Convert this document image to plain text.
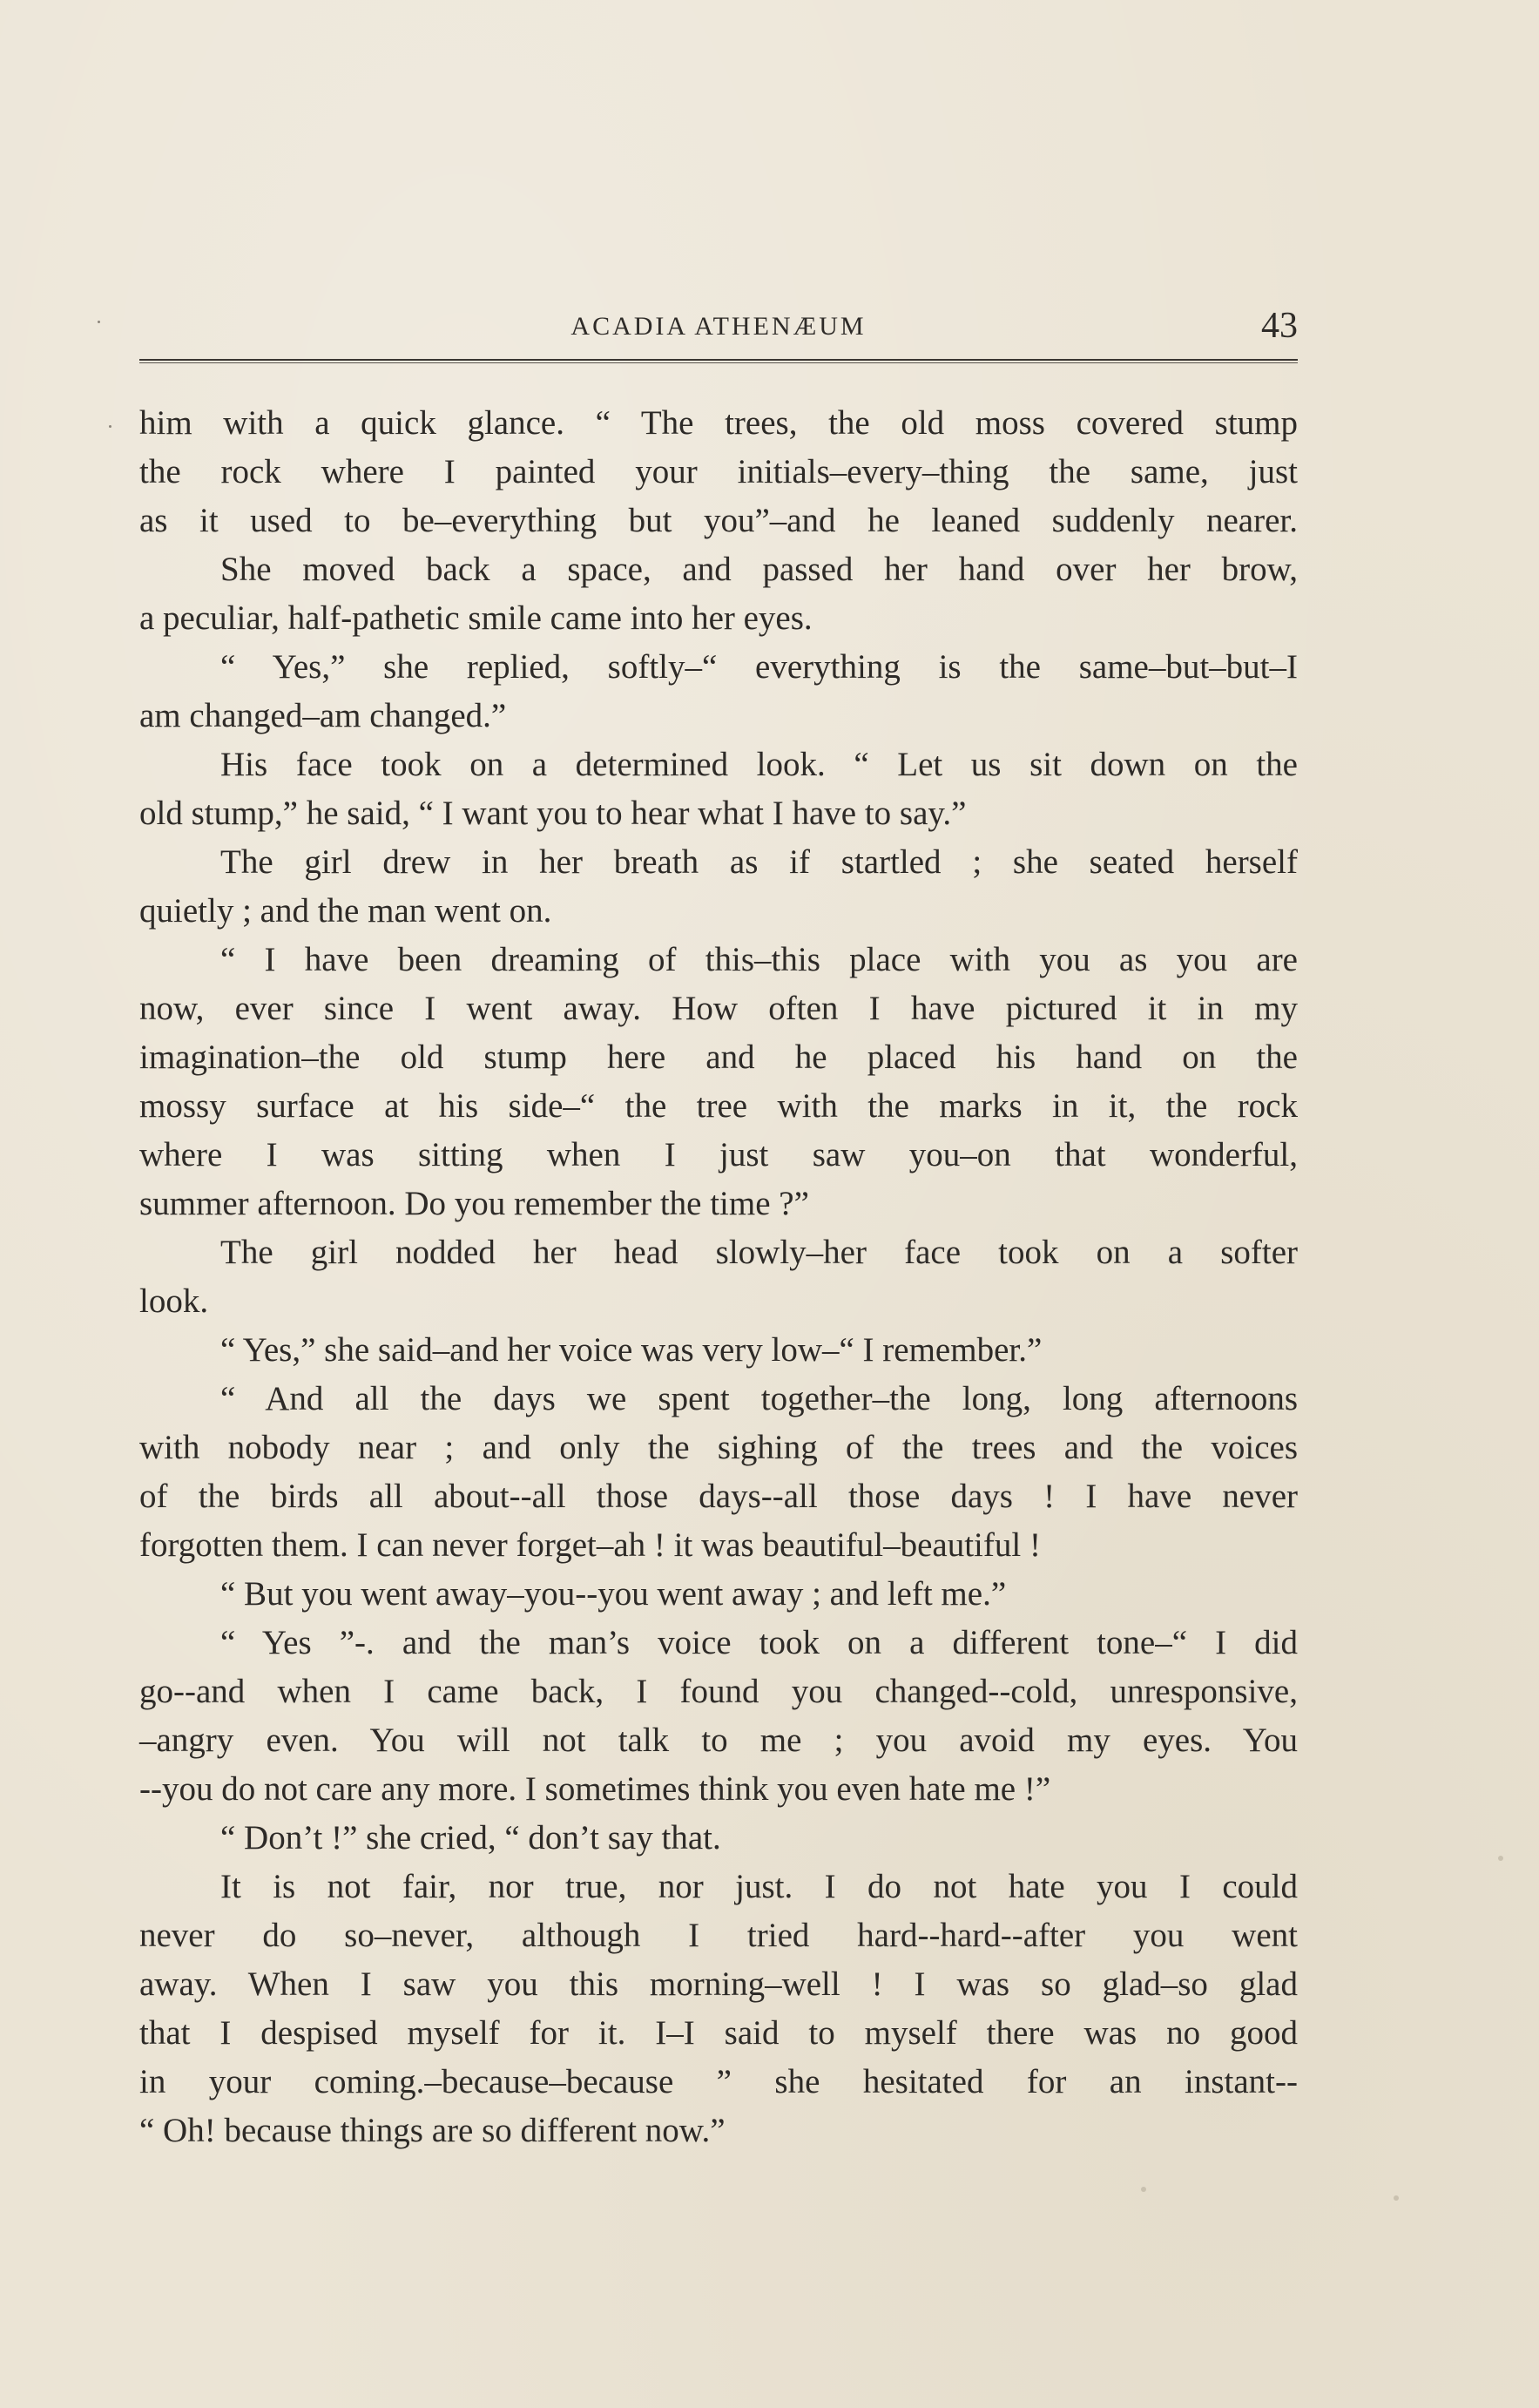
ACADIA ATHENÆUM	43
him with a quick glance. “ The trees, the old moss covered stump
the rock where I painted your initials–every–thing the same, just
as it used to be–everything but you”–and he leaned suddenly nearer.
She moved back a space, and passed her hand over her brow,
a peculiar, half-pathetic smile came into her eyes.
“ Yes,” she replied, softly–“ everything is the same–but–but–I
am changed–am changed.”
His face took on a determined look. “ Let us sit down on the
old stump,” he said, “ I want you to hear what I have to say.”
The girl drew in her breath as if startled ; she seated herself
quietly ; and the man went on.
“ I have been dreaming of this–this place with you as you are
now, ever since I went away. How often I have pictured it in my
imagination–the old stump here and he placed his hand on the
mossy surface at his side–“ the tree with the marks in it, the rock
where I was sitting when I just saw you–on that wonderful,
summer afternoon. Do you remember the time ?”
The girl nodded her head slowly–her face took on a softer
look.
“ Yes,” she said–and her voice was very low–“ I remember.”
“ And all the days we spent together–the long, long afternoons
with nobody near ; and only the sighing of the trees and the voices
of the birds all about--all those days--all those days ! I have never
forgotten them. I can never forget–ah ! it was beautiful–beautiful !
“ But you went away–you--you went away ; and left me.”
“ Yes ”-. and the man’s voice took on a different tone–“ I did
go--and when I came back, I found you changed--cold, unresponsive,
–angry even. You will not talk to me ; you avoid my eyes. You
--you do not care any more. I sometimes think you even hate me !”
“ Don’t !” she cried, “ don’t say that.
It is not fair, nor true, nor just. I do not hate you I could
never do so–never, although I tried hard--hard--after you went
away. When I saw you this morning–well ! I was so glad–so glad
that I despised myself for it. I–I said to myself there was no good
in your coming.–because–because ” she hesitated for an instant--
“ Oh! because things are so different now.”
